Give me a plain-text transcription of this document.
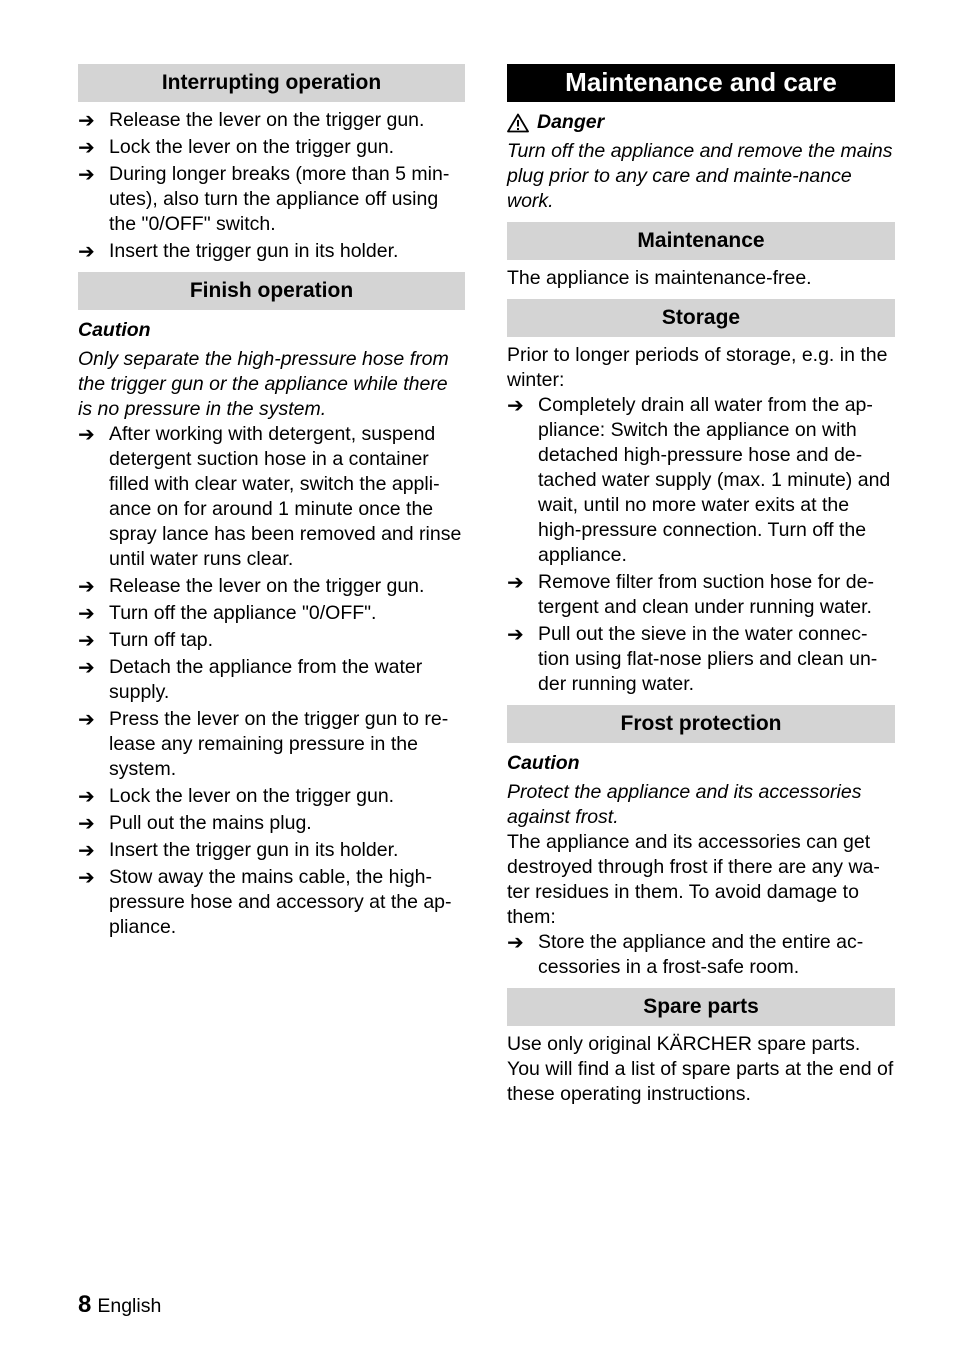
Interrupting operation
➔ Release the lever on the trigger gun.
➔ Lock the lever on the trigger gun.
➔ During longer breaks (more than 5 min-utes), also turn the appliance off using the "0/OFF" switch.
➔ Insert the trigger gun in its holder.
Finish operation

Caution

Only separate the high-pressure hose from the trigger gun or the appliance while there is no pressure in the system.

➔ After working with detergent, suspend detergent suction hose in a container filled with clear water, switch the appli-ance on for around 1 minute once the spray lance has been removed and rinse until water runs clear.
➔ Release the lever on the trigger gun.
➔ Turn off the appliance "0/OFF".
➔ Turn off tap.
➔ Detach the appliance from the water supply.
➔ Press the lever on the trigger gun to re-lease any remaining pressure in the system.
➔ Lock the lever on the trigger gun.
➔ Pull out the mains plug.
➔ Insert the trigger gun in its holder.
➔ Stow away the mains cable, the high-pressure hose and accessory at the ap-pliance.
Maintenance and care
Danger

Turn off the appliance and remove the mains plug prior to any care and mainte-nance work.

Maintenance

The appliance is maintenance-free.

Storage

Prior to longer periods of storage, e.g. in the winter:

➔ Completely drain all water from the ap-pliance: Switch the appliance on with detached high-pressure hose and de-tached water supply (max. 1 minute) and wait, until no more water exits at the high-pressure connection. Turn off the appliance.
➔ Remove filter from suction hose for de-tergent and clean under running water.
➔ Pull out the sieve in the water connec-tion using flat-nose pliers and clean un-der running water.
Frost protection

Caution

Protect the appliance and its accessories against frost.

The appliance and its accessories can get destroyed through frost if there are any wa-ter residues in them. To avoid damage to them:

➔ Store the appliance and the entire ac-cessories in a frost-safe room.
Spare parts

Use only original KÄRCHER spare parts. You will find a list of spare parts at the end of these operating instructions.

8 English
